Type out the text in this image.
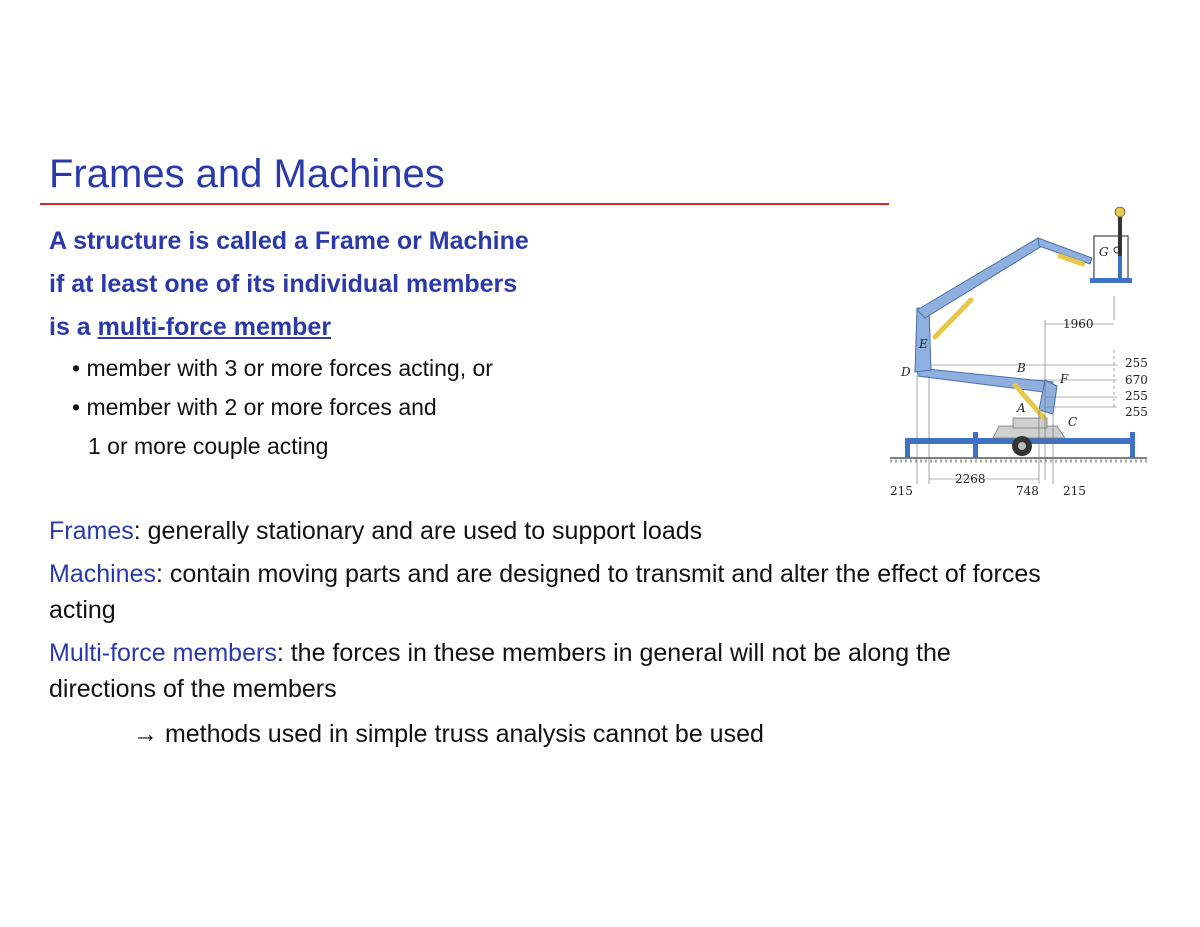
Frames and Machines
A structure is called a Frame or Machine
if at least one of its individual members
is a multi-force member
• member with 3 or more forces acting, or
• member with 2 or more forces and
1 or more couple acting
Frames: generally stationary and are used to support loads
Machines: contain moving parts and are designed to transmit and alter the effect of forces acting
Multi-force members: the forces in these members in general will not be along the directions of the members
→ methods used in simple truss analysis cannot be used
E
D	B
F
A
C
G
1960
255
670
255
255
215
2268
748 215
